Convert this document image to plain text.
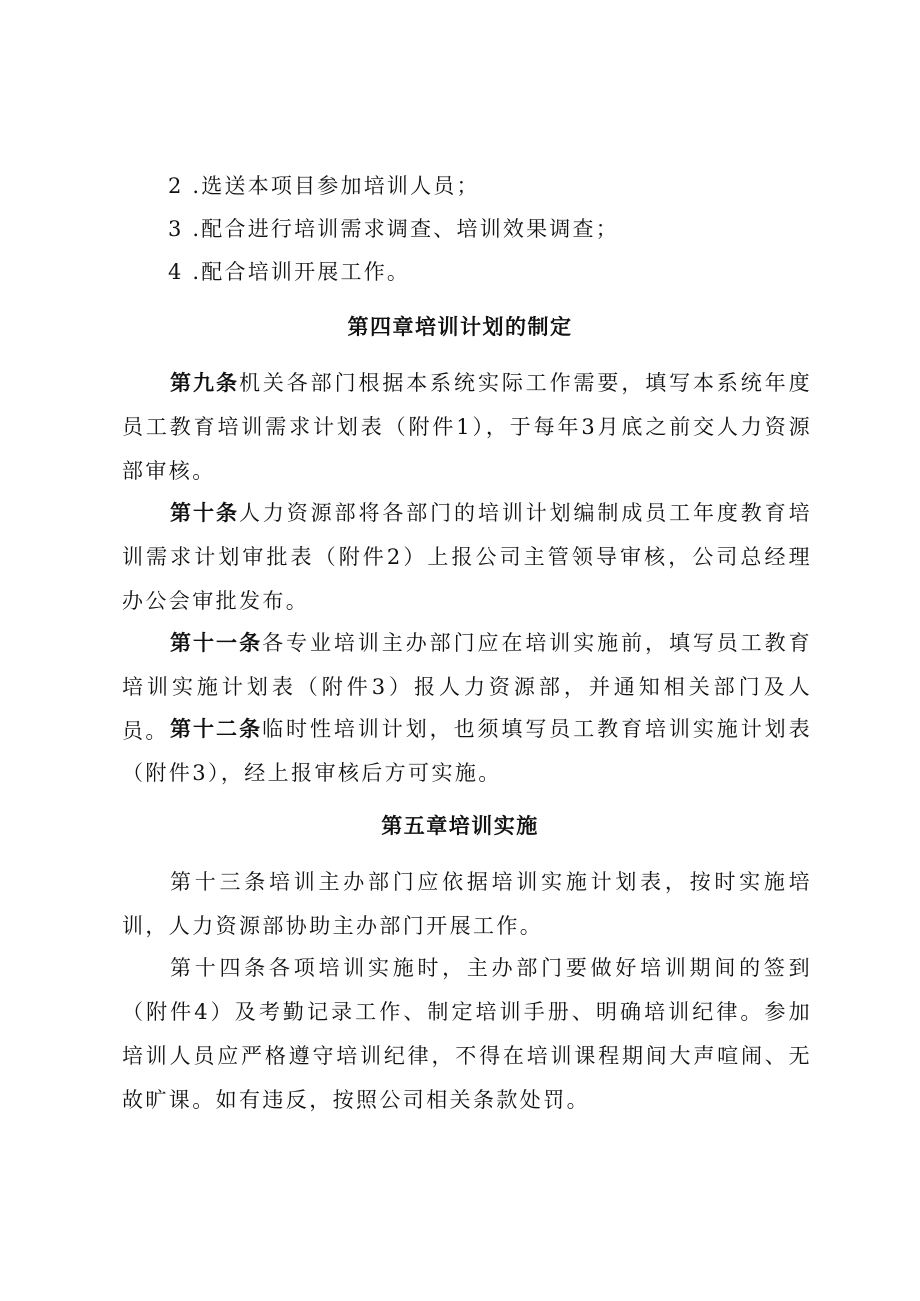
2 .选送本项目参加培训人员；
3 .配合进行培训需求调查、培训效果调查；
4 .配合培训开展工作。
第四章培训计划的制定
第九条机关各部门根据本系统实际工作需要，填写本系统年度员工教育培训需求计划表（附件1），于每年3月底之前交人力资源部审核。
第十条人力资源部将各部门的培训计划编制成员工年度教育培训需求计划审批表（附件2）上报公司主管领导审核，公司总经理办公会审批发布。
第十一条各专业培训主办部门应在培训实施前，填写员工教育培训实施计划表（附件3）报人力资源部，并通知相关部门及人员。 第十二条临时性培训计划，也须填写员工教育培训实施计划表（附件3），经上报审核后方可实施。
第五章培训实施
第十三条培训主办部门应依据培训实施计划表，按时实施培训，人力资源部协助主办部门开展工作。
第十四条各项培训实施时，主办部门要做好培训期间的签到（附件4）及考勤记录工作、制定培训手册、明确培训纪律。参加培训人员应严格遵守培训纪律，不得在培训课程期间大声喧闹、无故旷课。如有违反，按照公司相关条款处罚。
